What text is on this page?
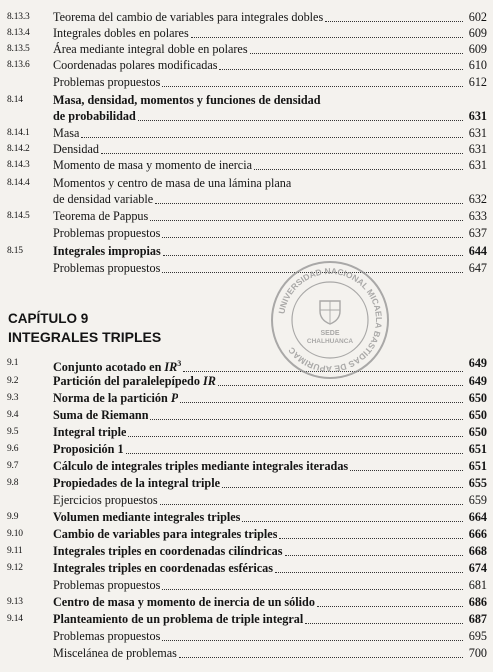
8.13.3 Teorema del cambio de variables para integrales dobles	602
8.13.4 Integrales dobles en polares	609
8.13.5 Área mediante integral doble en polares	609
8.13.6 Coordenadas polares modificadas	610
Problemas propuestos	612
8.14 Masa, densidad, momentos y funciones de densidad
de probabilidad	631
8.14.1 Masa	631
8.14.2 Densidad	631
8.14.3 Momento de masa y momento de inercia	631
8.14.4 Momentos y centro de masa de una lámina plana
de densidad variable	632
8.14.5 Teorema de Pappus	633
Problemas propuestos	637
8.15 Integrales impropias	644
Problemas propuestos	647
CAPÍTULO 9
INTEGRALES TRIPLES
9.1	Conjunto acotado en $IR^3$	649
9.2	Partición del paralelepípedo IR	649
9.3	Norma de la partición P	650
9.4	Suma de Riemann	650
9.5	Integral triple	650
9.6	Proposición 1	651
9.7	Cálculo de integrales triples mediante integrales iteradas	651
9.8	Propiedades de la integral triple	655
Ejercicios propuestos	659
9.9	Volumen mediante integrales triples	664
9.10 Cambio de variables para integrales triples	666
9.11	Integrales triples en coordenadas cilíndricas	668
9.12 Integrales triples en coordenadas esféricas	674
Problemas propuestos	681
9.13 Centro de masa y momento de inercia de un sólido	686
9.14 Planteamiento de un problema de triple integral	687
Problemas propuestos	695
Miscelánea de problemas	700
UNIVERSIDAD NACIONAL MICAELA BASTIDAS DE APURIMAC
SEDE
CHALHUANCA
